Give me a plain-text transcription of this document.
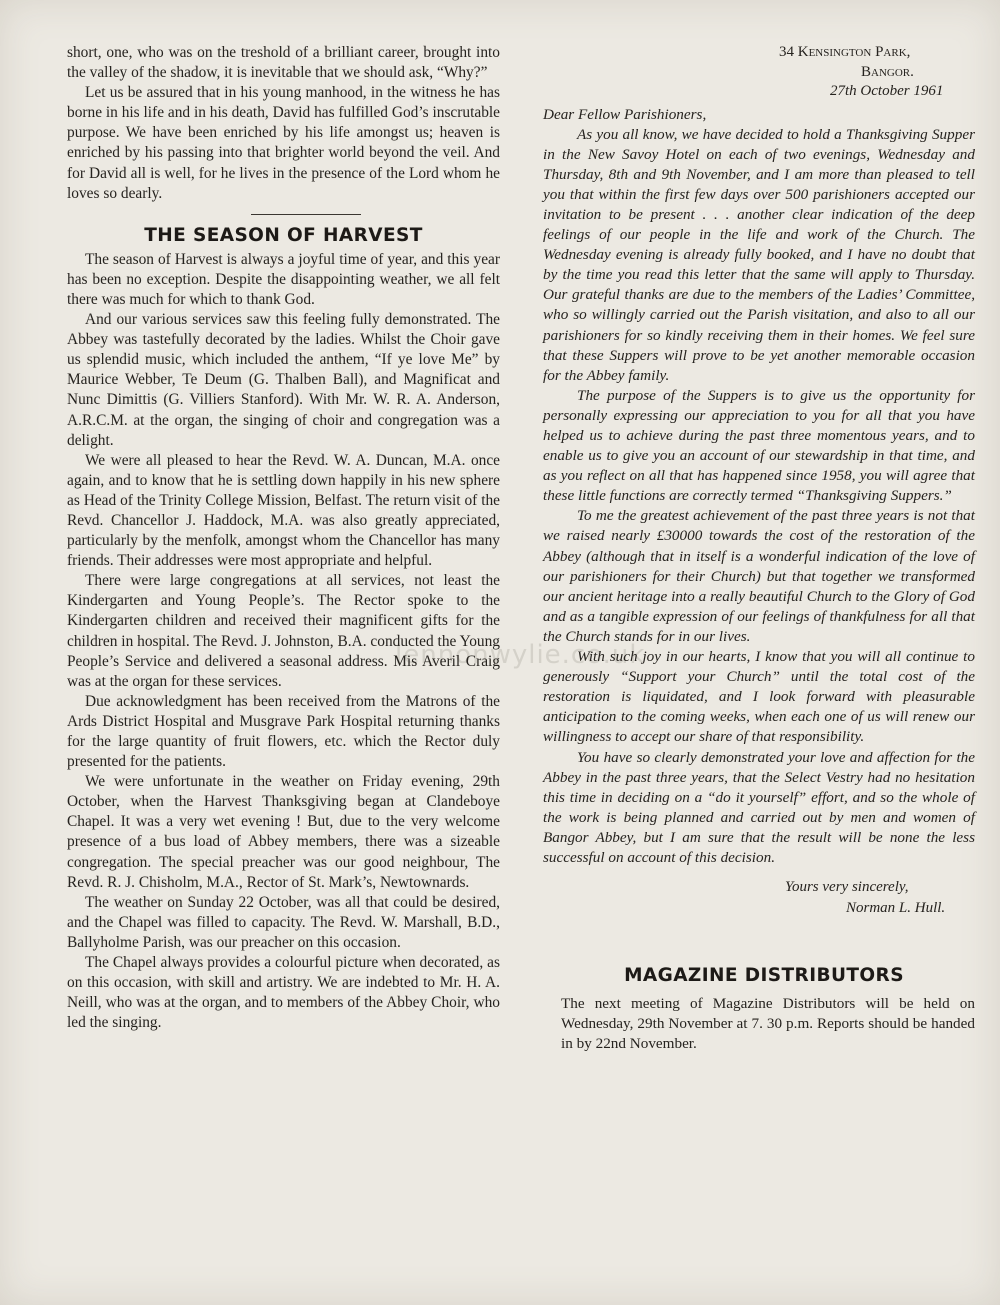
lennonwylie.co.uk

short, one, who was on the treshold of a brilliant career, brought into the valley of the shadow, it is inevitable that we should ask, “Why?”

Let us be assured that in his young manhood, in the witness he has borne in his life and in his death, David has fulfilled God’s inscrutable purpose. We have been enriched by his life amongst us; heaven is enriched by his passing into that brighter world beyond the veil. And for David all is well, for he lives in the presence of the Lord whom he loves so dearly.

THE SEASON OF HARVEST

The season of Harvest is always a joyful time of year, and this year has been no exception. Despite the disappointing weather, we all felt there was much for which to thank God.

And our various services saw this feeling fully demonstrated. The Abbey was tastefully decorated by the ladies. Whilst the Choir gave us splendid music, which included the anthem, “If ye love Me” by Maurice Webber, Te Deum (G. Thalben Ball), and Magnificat and Nunc Dimittis (G. Villiers Stanford). With Mr. W. R. A. Anderson, A.R.C.M. at the organ, the singing of choir and congregation was a delight.

We were all pleased to hear the Revd. W. A. Duncan, M.A. once again, and to know that he is settling down happily in his new sphere as Head of the Trinity College Mission, Belfast. The return visit of the Revd. Chancellor J. Haddock, M.A. was also greatly appreciated, particularly by the menfolk, amongst whom the Chancellor has many friends. Their addresses were most appropriate and helpful.

There were large congregations at all services, not least the Kindergarten and Young People’s. The Rector spoke to the Kindergarten children and received their magnificent gifts for the children in hospital. The Revd. J. Johnston, B.A. conducted the Young People’s Service and delivered a seasonal address. Mis Averil Craig was at the organ for these services.

Due acknowledgment has been received from the Matrons of the Ards District Hospital and Musgrave Park Hospital returning thanks for the large quantity of fruit flowers, etc. which the Rector duly presented for the patients.

We were unfortunate in the weather on Friday evening, 29th October, when the Harvest Thanksgiving began at Clandeboye Chapel. It was a very wet evening ! But, due to the very welcome presence of a bus load of Abbey members, there was a sizeable congregation. The special preacher was our good neighbour, The Revd. R. J. Chisholm, M.A., Rector of St. Mark’s, Newtownards.

The weather on Sunday 22 October, was all that could be desired, and the Chapel was filled to capacity. The Revd. W. Marshall, B.D., Ballyholme Parish, was our preacher on this occasion.

The Chapel always provides a colourful picture when decorated, as on this occasion, with skill and artistry. We are indebted to Mr. H. A. Neill, who was at the organ, and to members of the Abbey Choir, who led the singing.

34 Kensington Park,
Bangor.
27th October 1961

Dear Fellow Parishioners,

As you all know, we have decided to hold a Thanksgiving Supper in the New Savoy Hotel on each of two evenings, Wednesday and Thursday, 8th and 9th November, and I am more than pleased to tell you that within the first few days over 500 parishioners accepted our invitation to be present . . . another clear indication of the deep feelings of our people in the life and work of the Church. The Wednesday evening is already fully booked, and I have no doubt that by the time you read this letter that the same will apply to Thursday. Our grateful thanks are due to the members of the Ladies’ Committee, who so willingly carried out the Parish visitation, and also to all our parishioners for so kindly receiving them in their homes. We feel sure that these Suppers will prove to be yet another memorable occasion for the Abbey family.

The purpose of the Suppers is to give us the opportunity for personally expressing our appreciation to you for all that you have helped us to achieve during the past three momentous years, and to enable us to give you an account of our stewardship in that time, and as you reflect on all that has happened since 1958, you will agree that these little functions are correctly termed “Thanksgiving Suppers.”

To me the greatest achievement of the past three years is not that we raised nearly £30000 towards the cost of the restoration of the Abbey (although that in itself is a wonderful indication of the love of our parishioners for their Church) but that together we transformed our ancient heritage into a really beautiful Church to the Glory of God and as a tangible expression of our feelings of thankfulness for all that the Church stands for in our lives.

With such joy in our hearts, I know that you will all continue to generously “Support your Church” until the total cost of the restoration is liquidated, and I look forward with pleasurable anticipation to the coming weeks, when each one of us will renew our willingness to accept our share of that responsibility.

You have so clearly demonstrated your love and affection for the Abbey in the past three years, that the Select Vestry had no hesitation this time in deciding on a “do it yourself” effort, and so the whole of the work is being planned and carried out by men and women of Bangor Abbey, but I am sure that the result will be none the less successful on account of this decision.

Yours very sincerely,
Norman L. Hull.
MAGAZINE DISTRIBUTORS

The next meeting of Magazine Distributors will be held on Wednesday, 29th November at 7. 30 p.m. Reports should be handed in by 22nd November.
